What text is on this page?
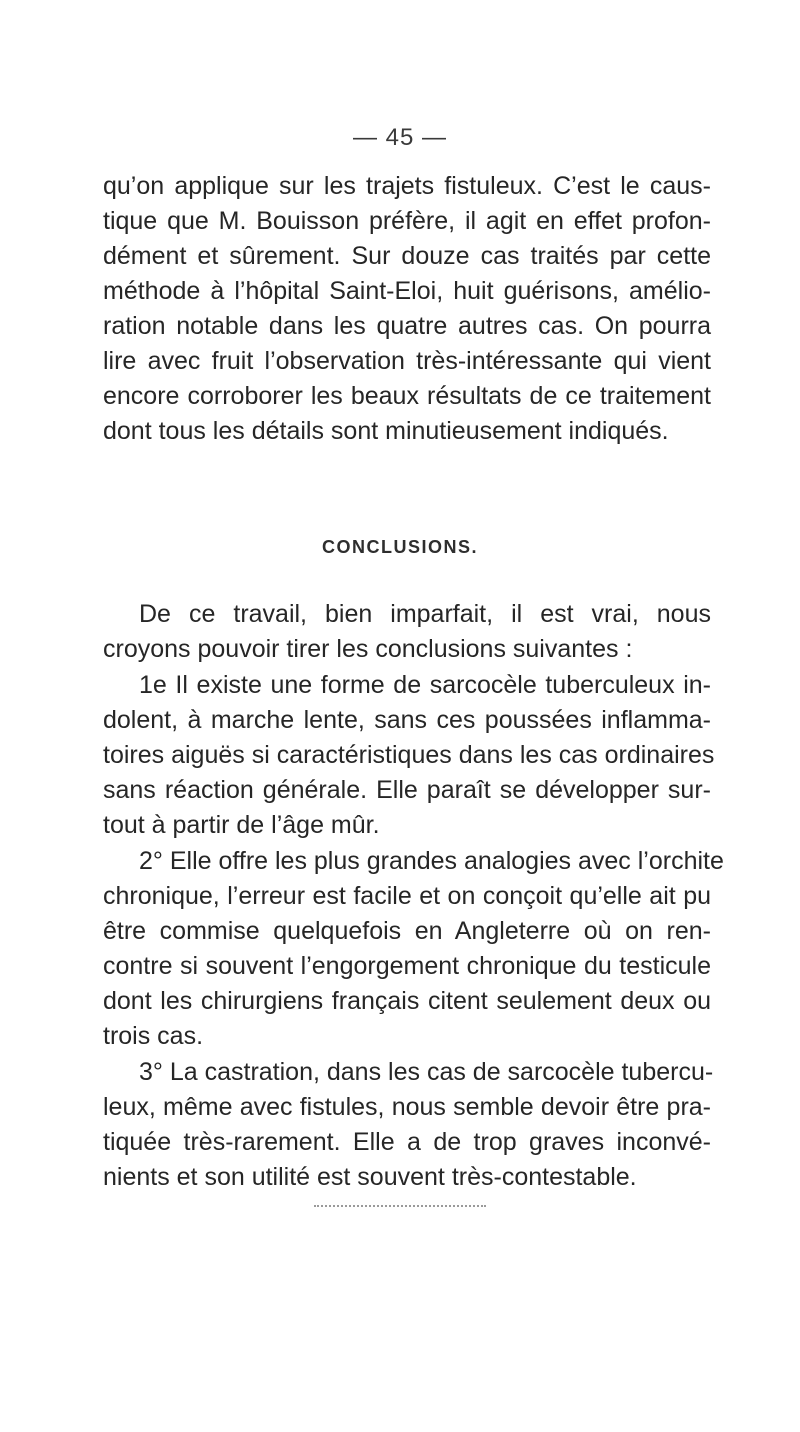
— 45 —
qu’on applique sur les trajets fistuleux. C’est le caus-
tique que M. Bouisson préfère, il agit en effet profon-
dément et sûrement. Sur douze cas traités par cette
méthode à l’hôpital Saint-Eloi, huit guérisons, amélio-
ration notable dans les quatre autres cas. On pourra
lire avec fruit l’observation très-intéressante qui vient
encore corroborer les beaux résultats de ce traitement
dont tous les détails sont minutieusement indiqués.
CONCLUSIONS.
De ce travail, bien imparfait, il est vrai, nous
croyons pouvoir tirer les conclusions suivantes :
1e Il existe une forme de sarcocèle tuberculeux in-
dolent, à marche lente, sans ces poussées inflamma-
toires aiguës si caractéristiques dans les cas ordinaires
sans réaction générale. Elle paraît se développer sur-
tout à partir de l’âge mûr.
2° Elle offre les plus grandes analogies avec l’orchite
chronique, l’erreur est facile et on conçoit qu’elle ait pu
être commise quelquefois en Angleterre où on ren-
contre si souvent l’engorgement chronique du testicule
dont les chirurgiens français citent seulement deux ou
trois cas.
3° La castration, dans les cas de sarcocèle tubercu-
leux, même avec fistules, nous semble devoir être pra-
tiquée très-rarement. Elle a de trop graves inconvé-
nients et son utilité est souvent très-contestable.
